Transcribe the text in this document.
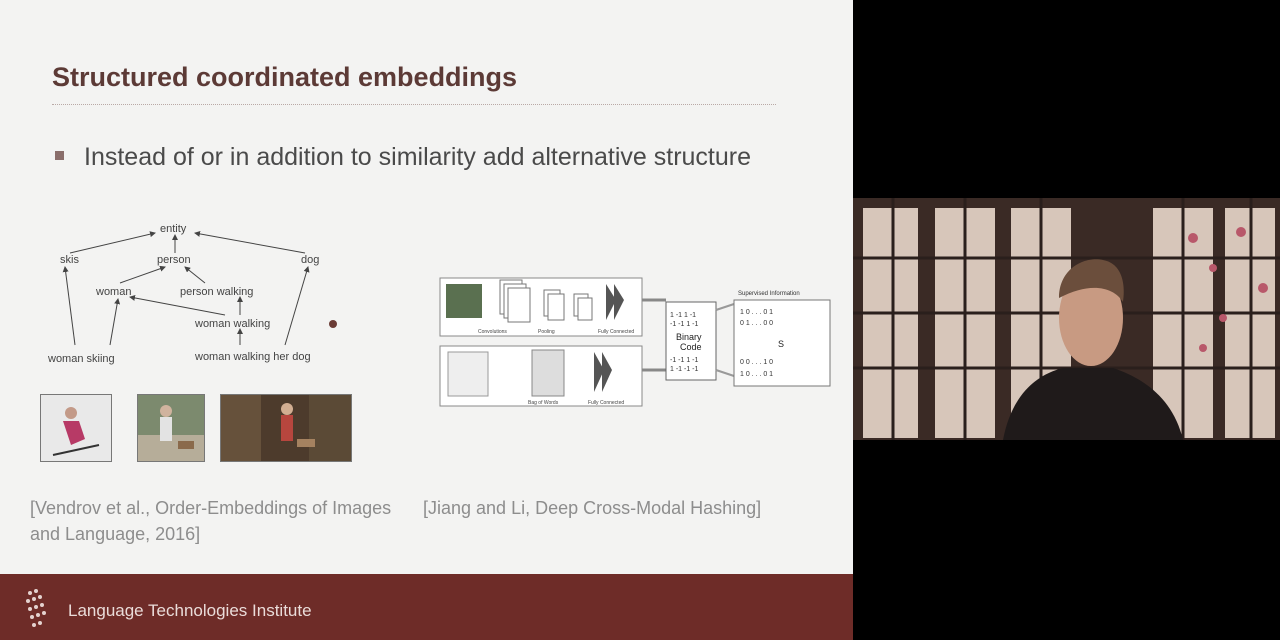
Structured coordinated embeddings
Instead of or in addition to similarity add alternative structure
entity
skis	person	dog
woman	person walking
woman walking
woman skiing	woman walking her dog
Convolutions	Pooling	Fully Connected
Bag of Words	Fully Connected
1 -1 1 -1
-1 -1 1 -1
Binary
Code
-1 -1 1 -1
1 -1 -1 -1
Supervised Information
1 0 . . . 0 1
0 1 . . . 0 0
S
0 0 . . . 1 0
1 0 . . . 0 1
[Vendrov et al., Order-Embeddings of Images and Language, 2016]
[Jiang and Li, Deep Cross-Modal Hashing]
Language Technologies Institute
